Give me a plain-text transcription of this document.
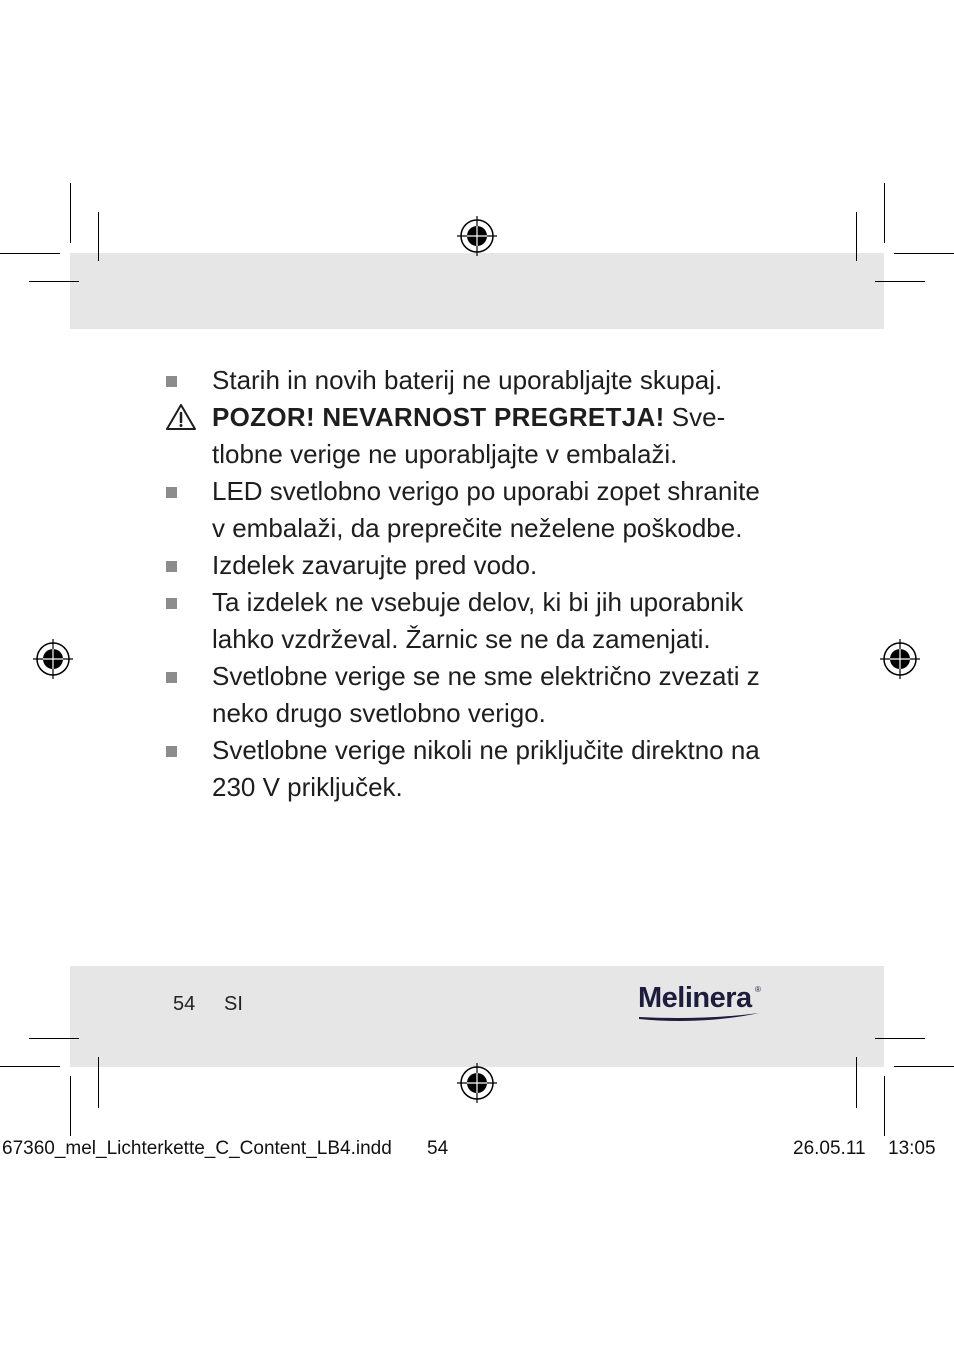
Starih in novih baterij ne uporabljajte skupaj.
POZOR! NEVARNOST PREGRETJA! Sve-
tlobne verige ne uporabljajte v embalaži.
LED svetlobno verigo po uporabi zopet shranite
v embalaži, da preprečite neželene poškodbe.
Izdelek zavarujte pred vodo.
Ta izdelek ne vsebuje delov, ki bi jih uporabnik
lahko vzdrževal. Žarnic se ne da zamenjati.
Svetlobne verige se ne sme električno zvezati z
neko drugo svetlobno verigo.
Svetlobne verige nikoli ne priključite direktno na
230 V priključek.
54 SI	Melinera ®
67360_mel_Lichterkette_C_Content_LB4.indd 54	26.05.11 13:05
